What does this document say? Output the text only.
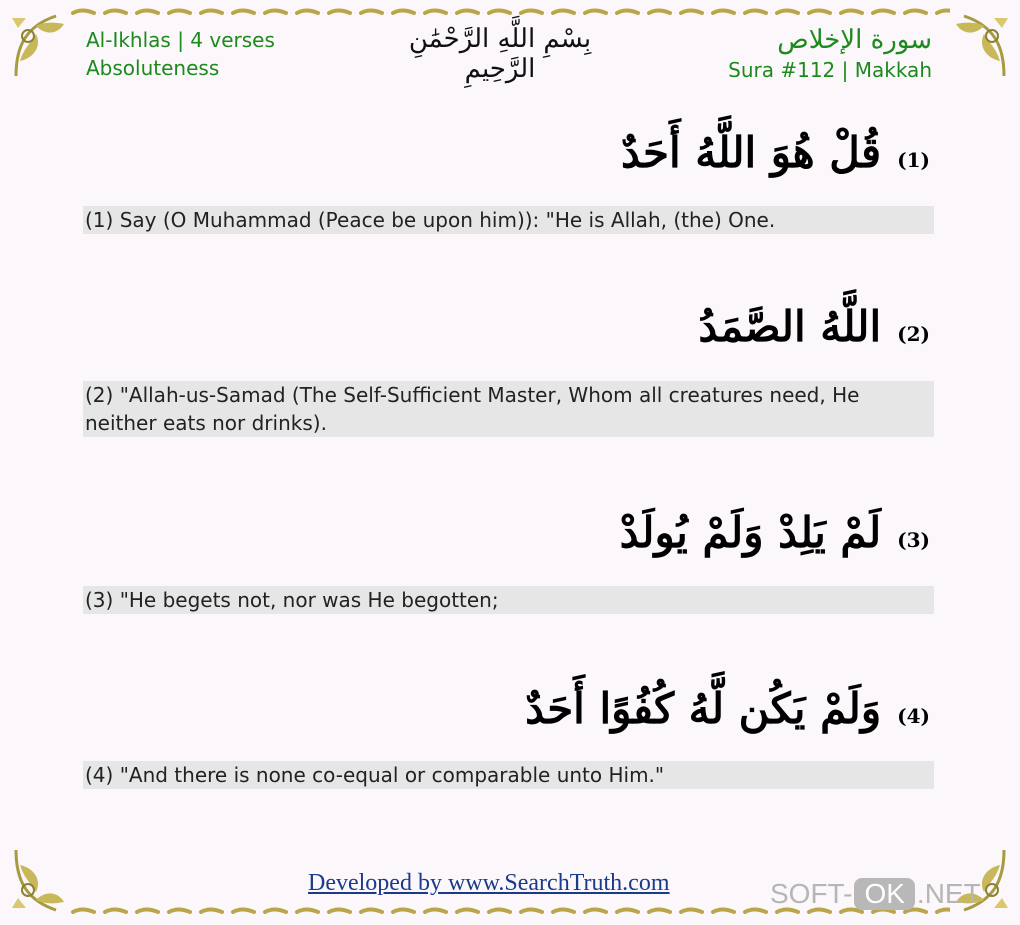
Al-Ikhlas | 4 verses
Absoluteness
بِسْمِ اللَّهِ الرَّحْمَٰنِ الرَّحِيمِ
سورة الإخلاص
Sura #112 | Makkah
(1)قُلْ هُوَ اللَّهُ أَحَدٌ
(1) Say (O Muhammad (Peace be upon him)): "He is Allah, (the) One.
(2)اللَّهُ الصَّمَدُ
(2) "Allah-us-Samad (The Self-Sufficient Master, Whom all creatures need, He neither eats nor drinks).
(3)لَمْ يَلِدْ وَلَمْ يُولَدْ
(3) "He begets not, nor was He begotten;
(4)وَلَمْ يَكُن لَّهُ كُفُوًا أَحَدٌ
(4) "And there is none co-equal or comparable unto Him."
Developed by www.SearchTruth.com	SOFT- OK .NET
